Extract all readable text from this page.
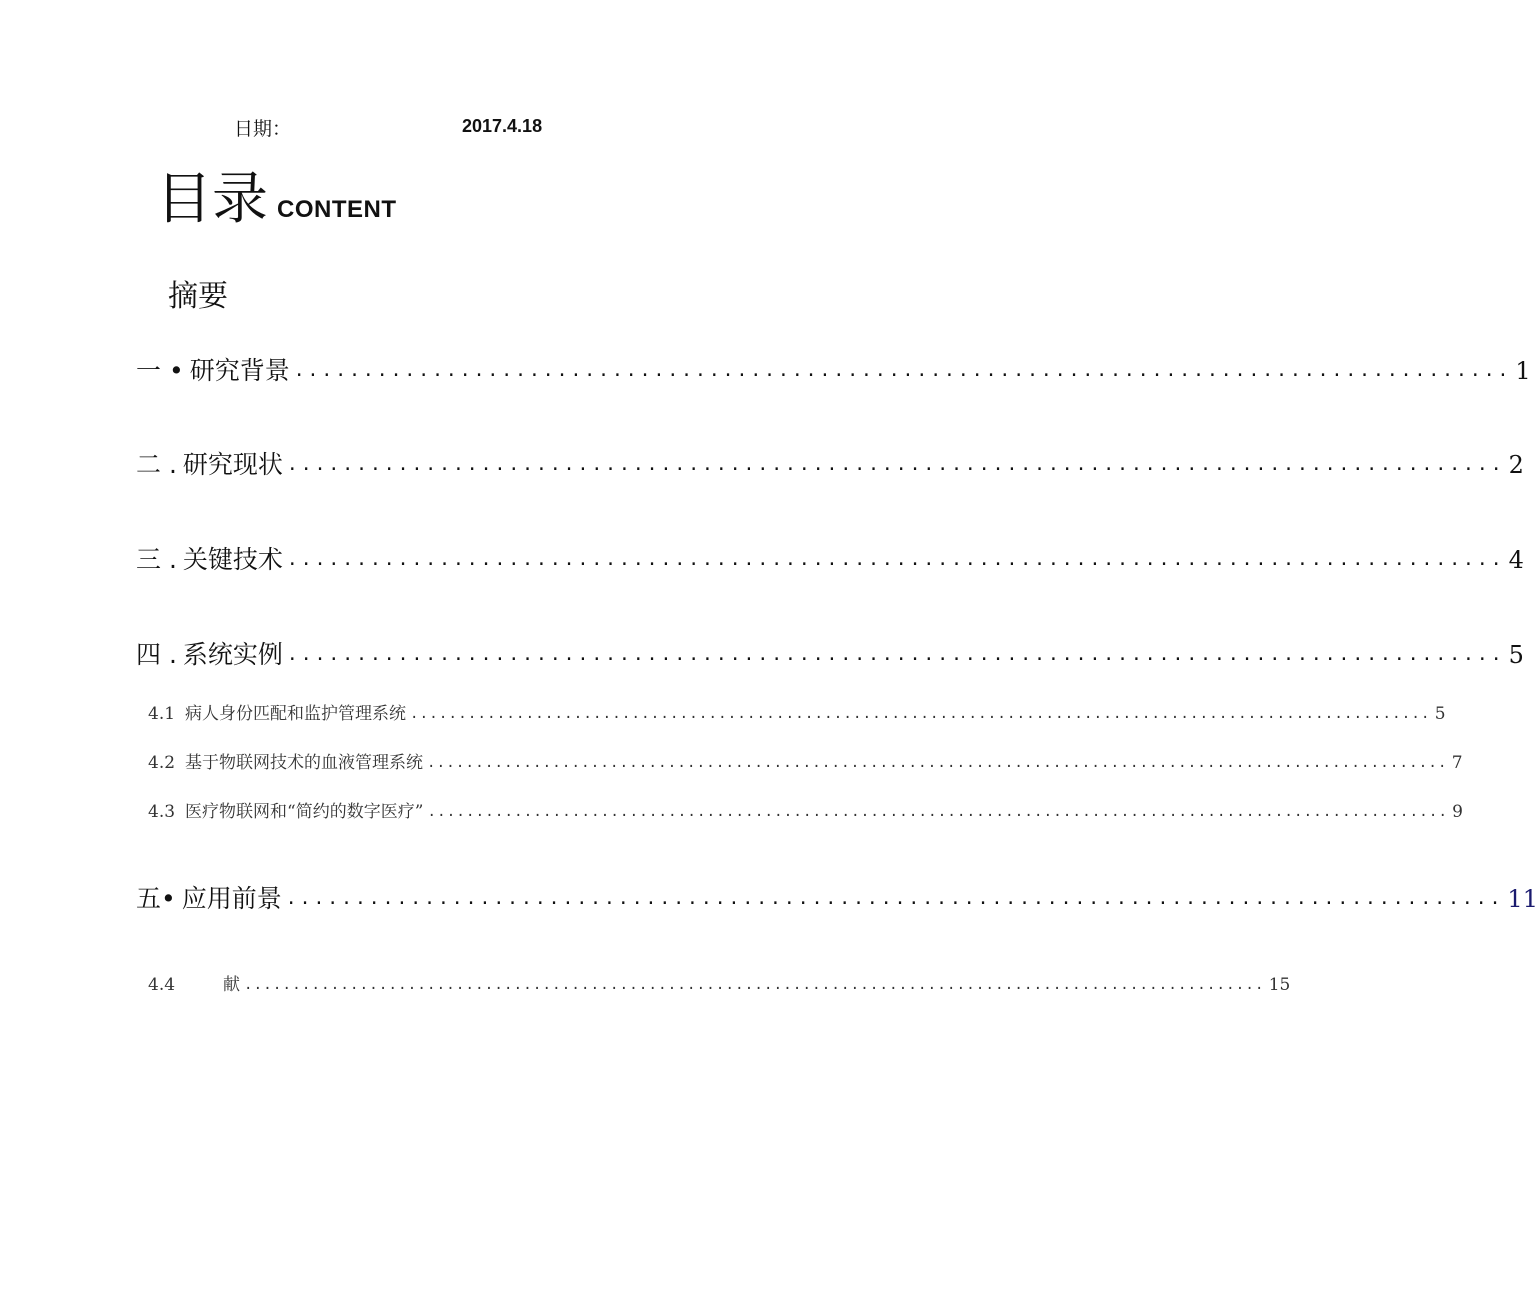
日期：	2017.4.18
目录 CONTENT
摘要
一 • 研究背景 ........................................................................................ 1
二 . 研究现状 ........................................................................................ 2
三 . 关键技术 ........................................................................................ 4
四 . 系统实例 ........................................................................................ 5
4.1 病人身份匹配和监护管理系统 .......................................................................................................... 5
4.2 基于物联网技术的血液管理系统 .......................................................................................................... 7
4.3 医疗物联网和“简约的数字医疗” .......................................................................................................... 9
五• 应用前景 ........................................................................................ 11
4.4	献 .......................................................................................................... 15
